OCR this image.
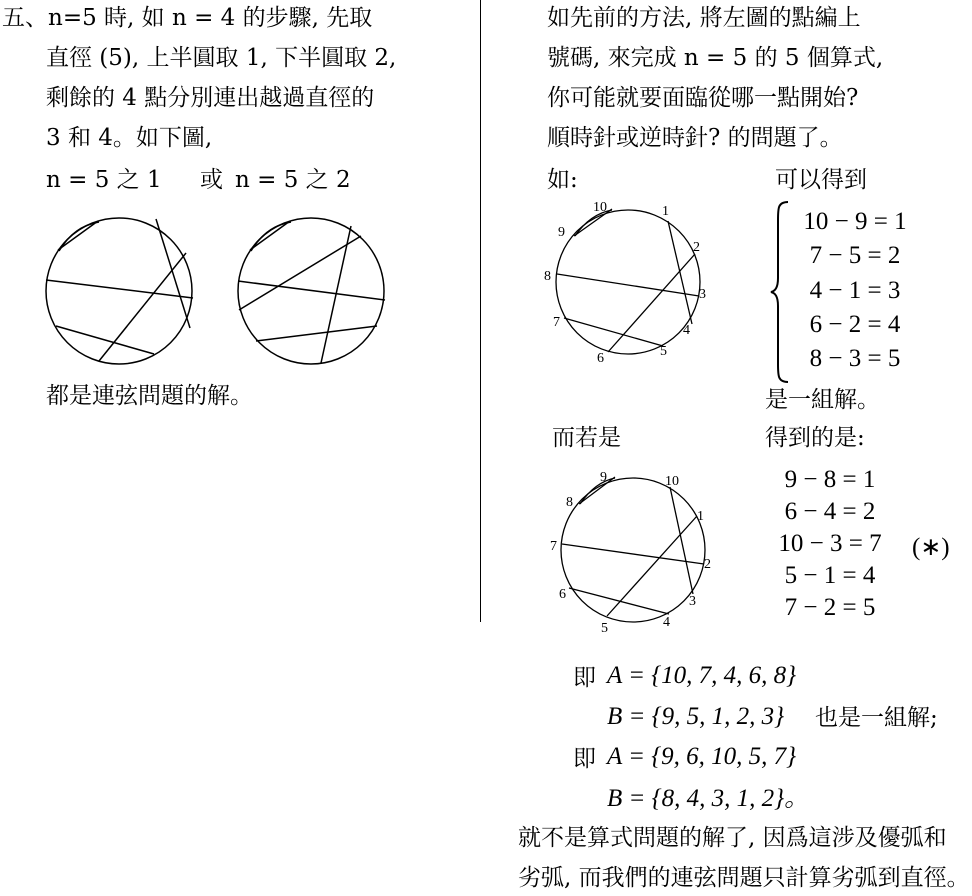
五、n=5 時, 如 n = 4 的步驟, 先取
直徑 (5), 上半圓取 1, 下半圓取 2,
剩餘的 4 點分別連出越過直徑的
3 和 4。如下圖,
n = 5 之 1 或 n = 5 之 2
都是連弦問題的解。
如先前的方法, 將左圖的點編上
號碼, 來完成 n = 5 的 5 個算式,
你可能就要面臨從哪一點開始?
順時針或逆時針? 的問題了。
如:	可以得到
10	1
9
2
8
3
7
4
6	5
10 − 9 = 1
7 − 5 = 2
4 − 1 = 3
6 − 2 = 4
8 − 3 = 5
是一組解。
而若是	得到的是:
9	10
8
1
7
2
6	3
5	4
9 − 8 = 1
6 − 4 = 2
10 − 3 = 7
5 − 1 = 4
7 − 2 = 5
(∗)
即 A = {10, 7, 4, 6, 8}
B = {9, 5, 1, 2, 3} 也是一組解;
即 A = {9, 6, 10, 5, 7}
B = {8, 4, 3, 1, 2}。
就不是算式問題的解了, 因爲這涉及優弧和
劣弧, 而我們的連弦問題只計算劣弧到直徑。
